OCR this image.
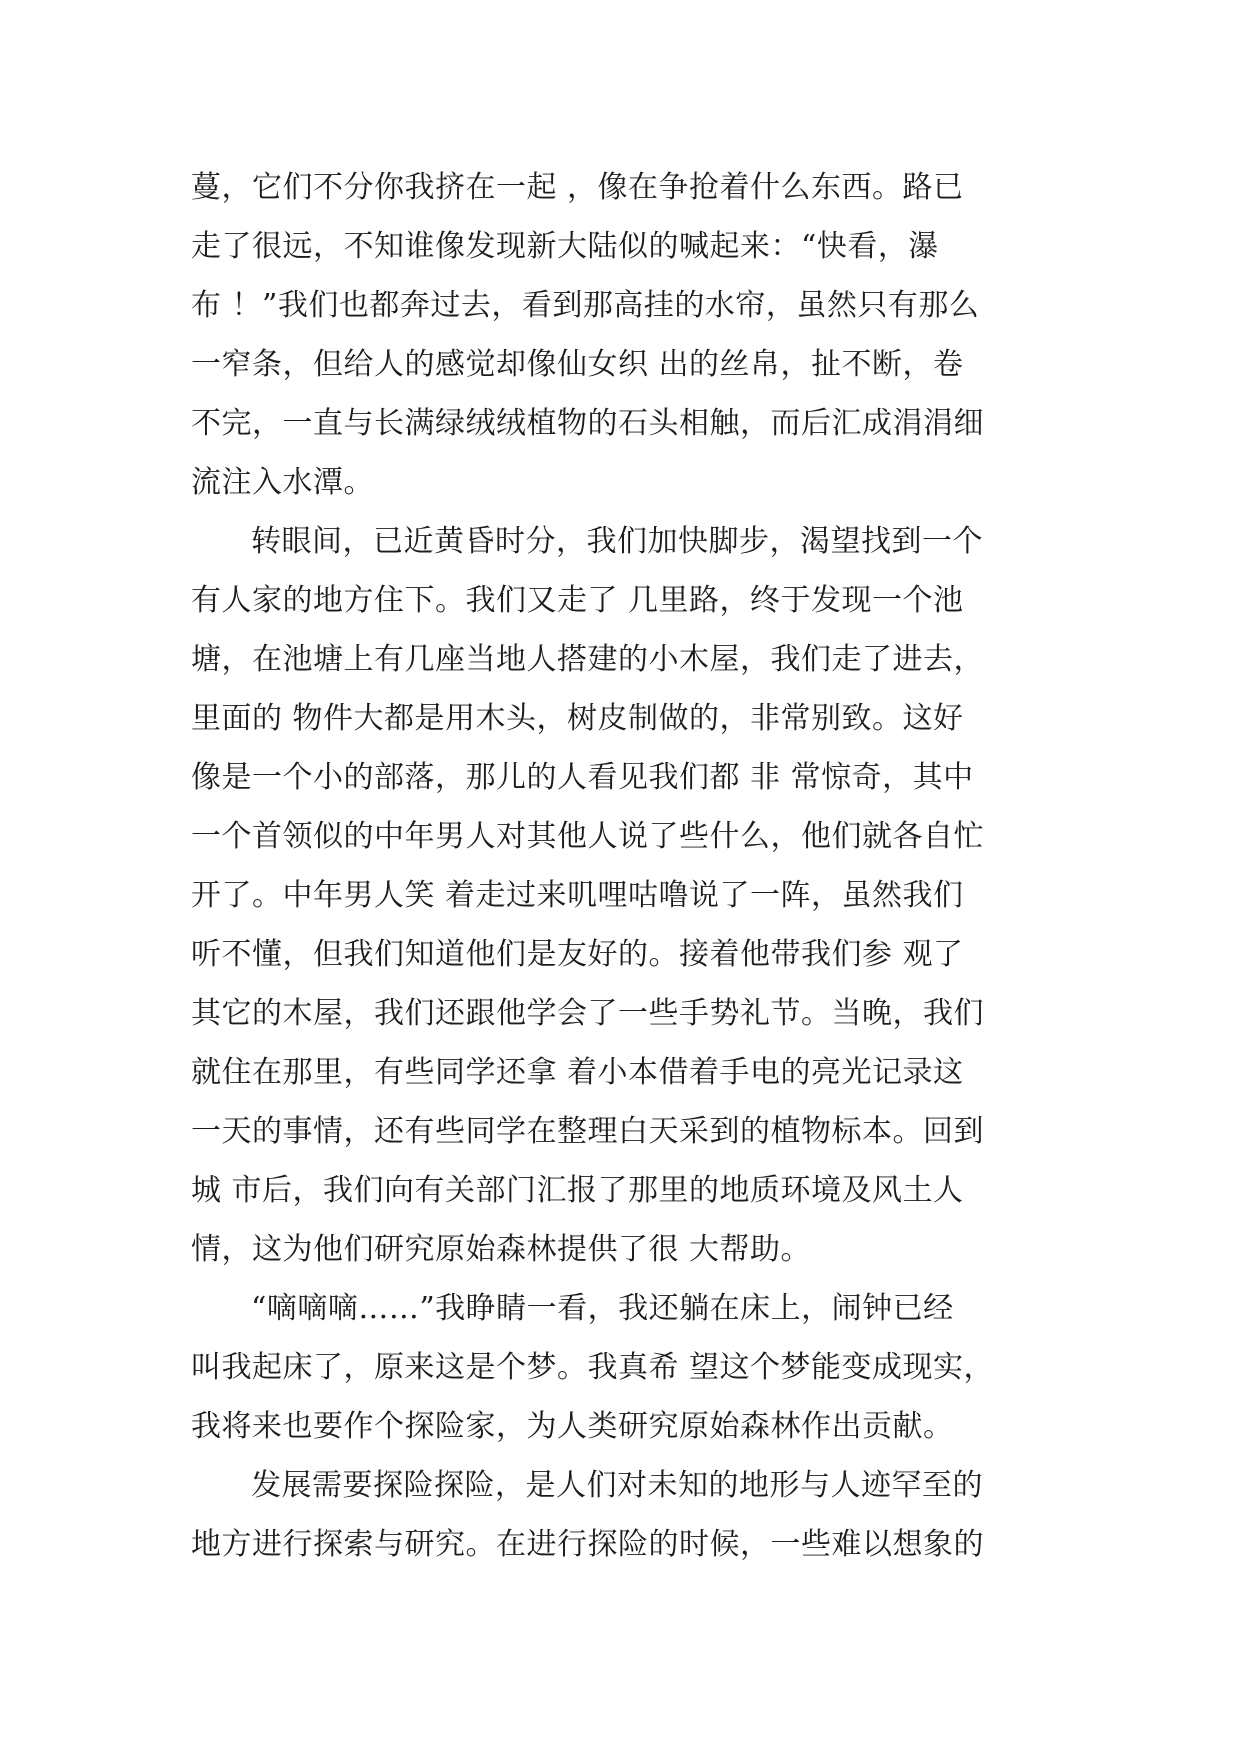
蔓，它们不分你我挤在一起 ，像在争抢着什么东西。路已
走了很远，不知谁像发现新大陆似的喊起来：“快看，瀑
布 ！”我们也都奔过去，看到那高挂的水帘，虽然只有那么
一窄条，但给人的感觉却像仙女织 出的丝帛，扯不断，卷
不完，一直与长满绿绒绒植物的石头相触，而后汇成涓涓细
流注入水潭。
转眼间，已近黄昏时分，我们加快脚步，渴望找到一个
有人家的地方住下。我们又走了 几里路，终于发现一个池
塘，在池塘上有几座当地人搭建的小木屋，我们走了进去，
里面的 物件大都是用木头，树皮制做的，非常别致。这好
像是一个小的部落，那儿的人看见我们都 非 常惊奇，其中
一个首领似的中年男人对其他人说了些什么，他们就各自忙
开了。中年男人笑 着走过来叽哩咕噜说了一阵，虽然我们
听不懂，但我们知道他们是友好的。接着他带我们参 观了
其它的木屋，我们还跟他学会了一些手势礼节。当晚，我们
就住在那里，有些同学还拿 着小本借着手电的亮光记录这
一天的事情，还有些同学在整理白天采到的植物标本。回到
城 市后，我们向有关部门汇报了那里的地质环境及风土人
情，这为他们研究原始森林提供了很 大帮助。
“嘀嘀嘀……”我睁睛一看，我还躺在床上，闹钟已经
叫我起床了，原来这是个梦。我真希 望这个梦能变成现实，
我将来也要作个探险家，为人类研究原始森林作出贡献。
发展需要探险探险，是人们对未知的地形与人迹罕至的
地方进行探索与研究。在进行探险的时候，一些难以想象的
